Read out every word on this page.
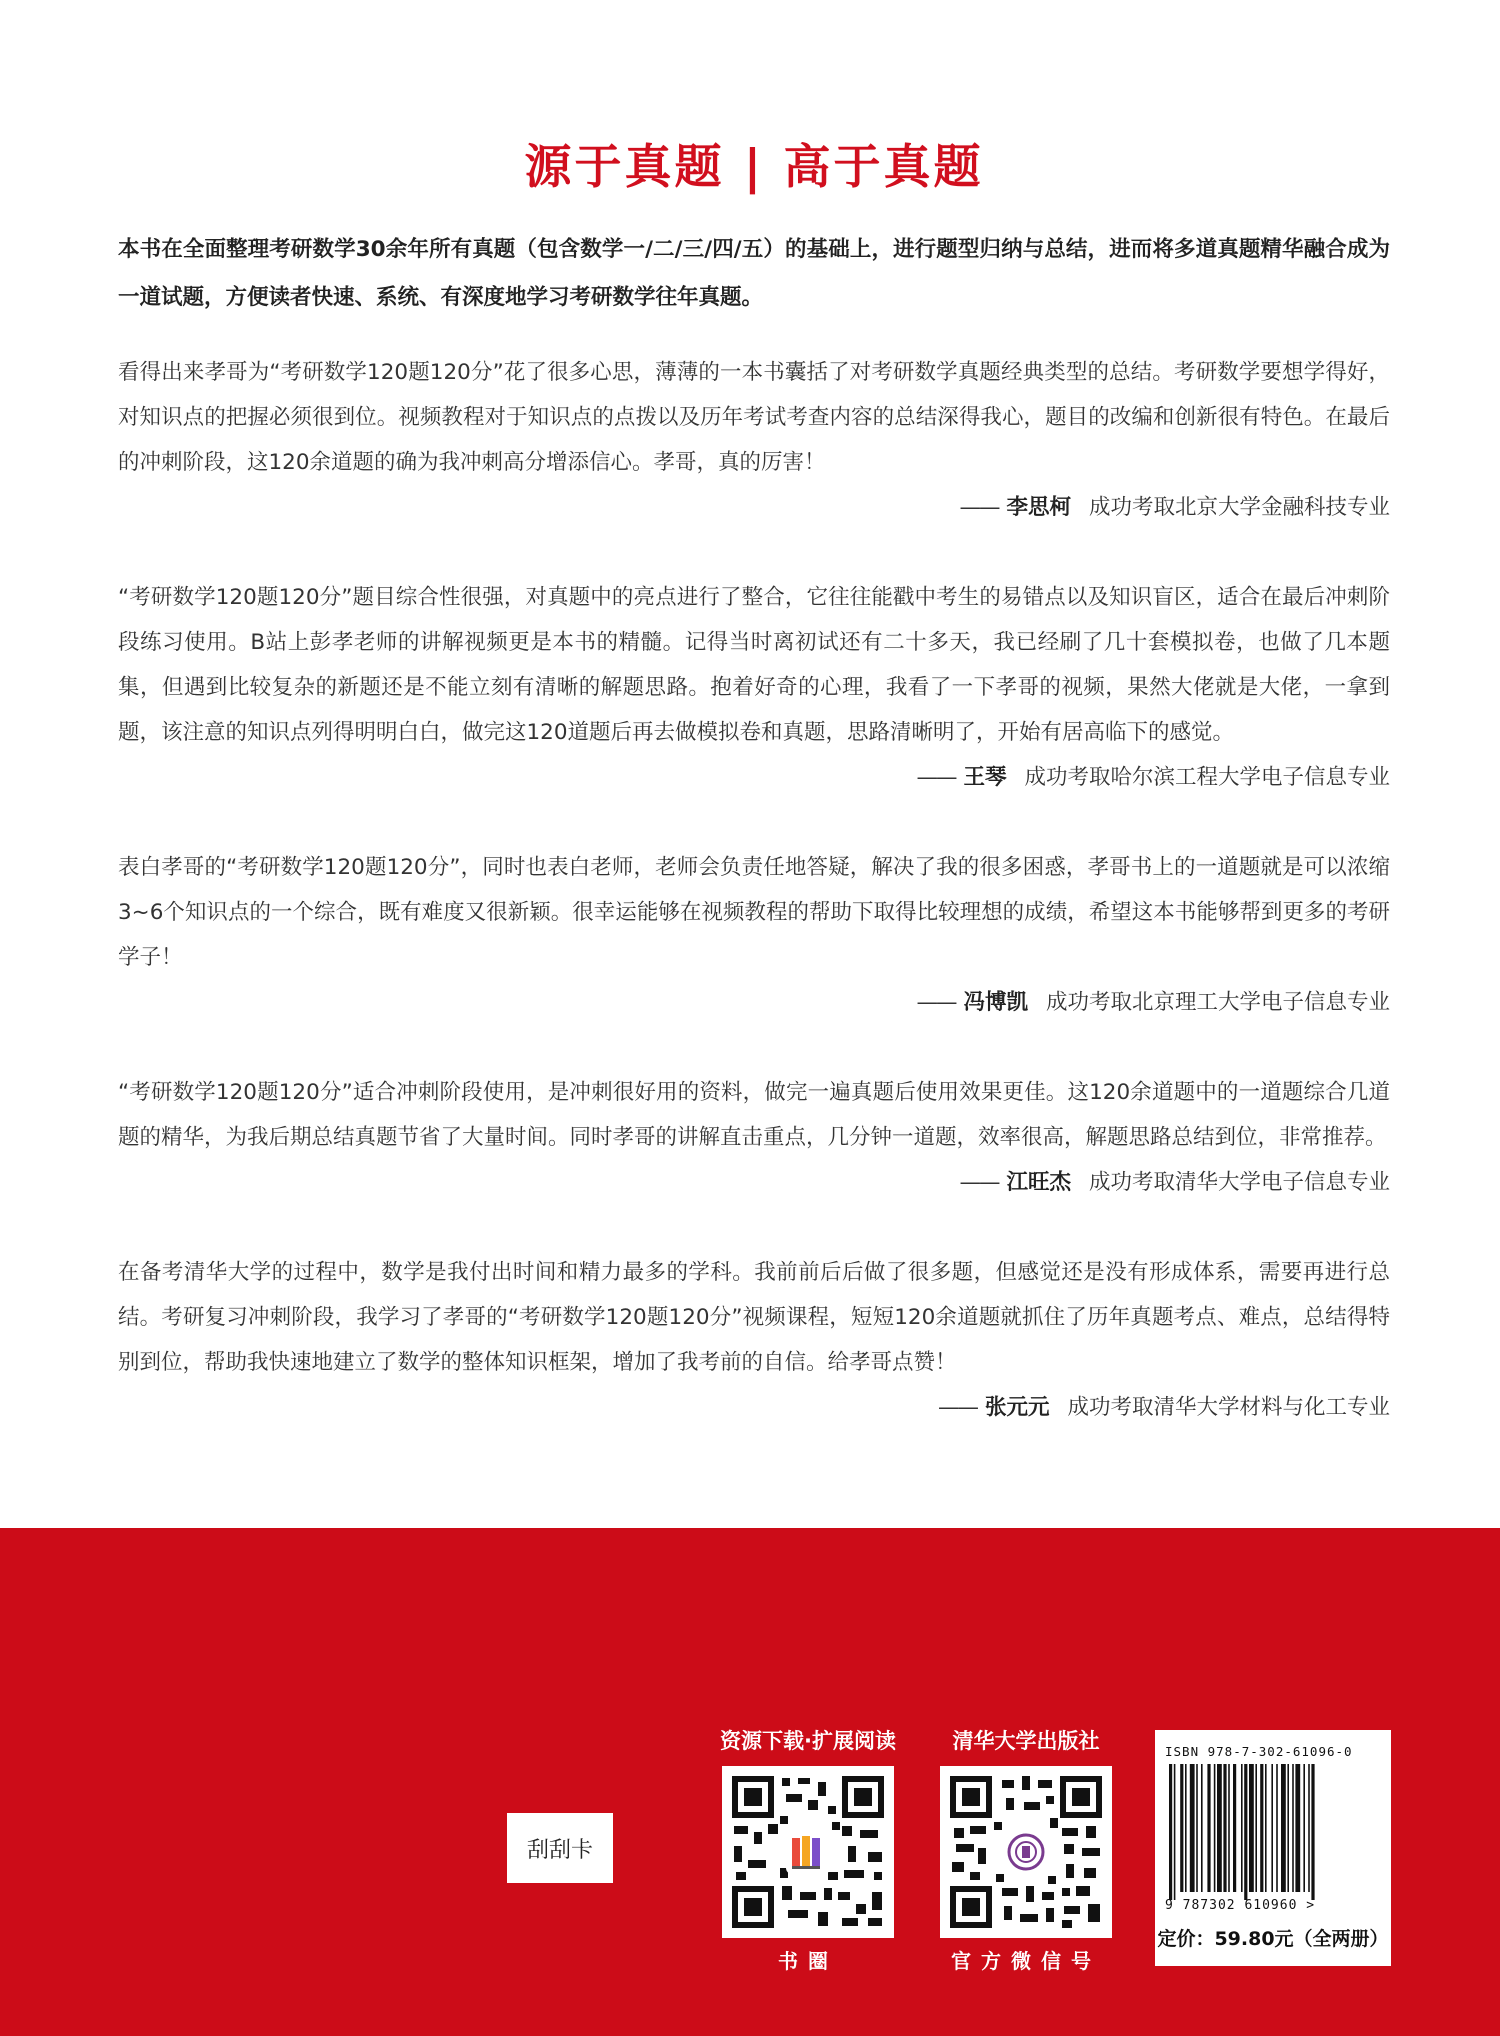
源于真题 | 高于真题
本书在全面整理考研数学30余年所有真题（包含数学一/二/三/四/五）的基础上，进行题型归纳与总结，进而将多道真题精华融合成为一道试题，方便读者快速、系统、有深度地学习考研数学往年真题。

看得出来孝哥为“考研数学120题120分”花了很多心思，薄薄的一本书囊括了对考研数学真题经典类型的总结。考研数学要想学得好，对知识点的把握必须很到位。视频教程对于知识点的点拨以及历年考试考查内容的总结深得我心，题目的改编和创新很有特色。在最后的冲刺阶段，这120余道题的确为我冲刺高分增添信心。孝哥，真的厉害！

—— 李思柯 成功考取北京大学金融科技专业

“考研数学120题120分”题目综合性很强，对真题中的亮点进行了整合，它往往能戳中考生的易错点以及知识盲区，适合在最后冲刺阶段练习使用。B站上彭孝老师的讲解视频更是本书的精髓。记得当时离初试还有二十多天，我已经刷了几十套模拟卷，也做了几本题集，但遇到比较复杂的新题还是不能立刻有清晰的解题思路。抱着好奇的心理，我看了一下孝哥的视频，果然大佬就是大佬，一拿到题，该注意的知识点列得明明白白，做完这120道题后再去做模拟卷和真题，思路清晰明了，开始有居高临下的感觉。

—— 王琴 成功考取哈尔滨工程大学电子信息专业

表白孝哥的“考研数学120题120分”，同时也表白老师，老师会负责任地答疑，解决了我的很多困惑，孝哥书上的一道题就是可以浓缩3~6个知识点的一个综合，既有难度又很新颖。很幸运能够在视频教程的帮助下取得比较理想的成绩，希望这本书能够帮到更多的考研学子！

—— 冯博凯 成功考取北京理工大学电子信息专业

“考研数学120题120分”适合冲刺阶段使用，是冲刺很好用的资料，做完一遍真题后使用效果更佳。这120余道题中的一道题综合几道题的精华，为我后期总结真题节省了大量时间。同时孝哥的讲解直击重点，几分钟一道题，效率很高，解题思路总结到位，非常推荐。

—— 江旺杰 成功考取清华大学电子信息专业

在备考清华大学的过程中，数学是我付出时间和精力最多的学科。我前前后后做了很多题，但感觉还是没有形成体系，需要再进行总结。考研复习冲刺阶段，我学习了孝哥的“考研数学120题120分”视频课程，短短120余道题就抓住了历年真题考点、难点，总结得特别到位，帮助我快速地建立了数学的整体知识框架，增加了我考前的自信。给孝哥点赞！

—— 张元元 成功考取清华大学材料与化工专业
刮刮卡
资源下载·扩展阅读
书圈
清华大学出版社
官方微信号
ISBN 978-7-302-61096-0
9 787302 610960 >
定价：59.80元（全两册）
